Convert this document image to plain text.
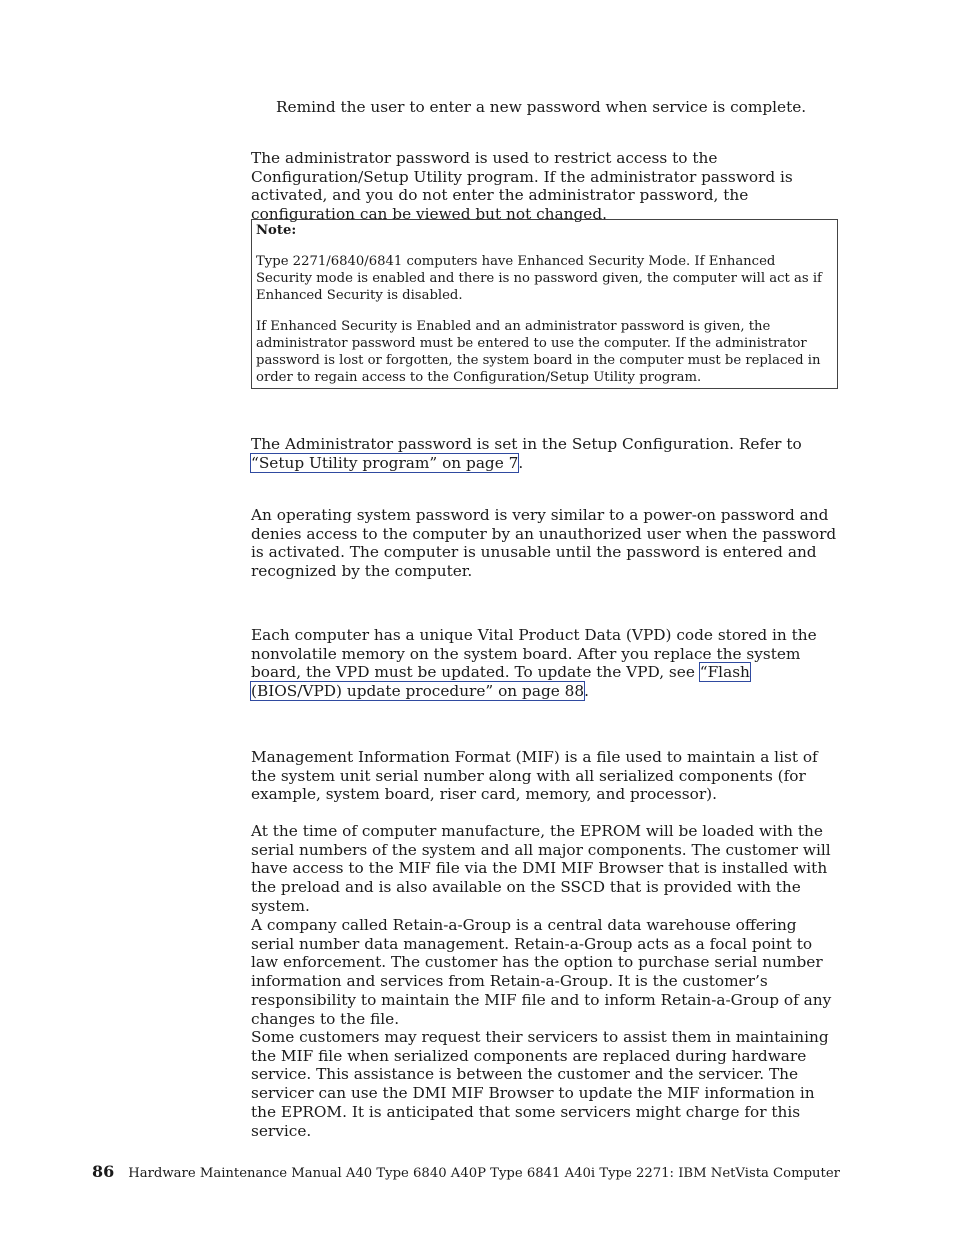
Remind the user to enter a new password when service is complete.
The administrator password is used to restrict access to the Configuration/Setup Utility program. If the administrator password is activated, and you do not enter the administrator password, the configuration can be viewed but not changed.
Note:
Type 2271/6840/6841 computers have Enhanced Security Mode. If Enhanced Security mode is enabled and there is no password given, the computer will act as if Enhanced Security is disabled.
If Enhanced Security is Enabled and an administrator password is given, the administrator password must be entered to use the computer. If the administrator password is lost or forgotten, the system board in the computer must be replaced in order to regain access to the Configuration/Setup Utility program.
The Administrator password is set in the Setup Configuration. Refer to “Setup Utility program” on page 7.
An operating system password is very similar to a power-on password and denies access to the computer by an unauthorized user when the password is activated. The computer is unusable until the password is entered and recognized by the computer.
Each computer has a unique Vital Product Data (VPD) code stored in the nonvolatile memory on the system board. After you replace the system board, the VPD must be updated. To update the VPD, see “Flash (BIOS/VPD) update procedure” on page 88.
Management Information Format (MIF) is a file used to maintain a list of the system unit serial number along with all serialized components (for example, system board, riser card, memory, and processor).
At the time of computer manufacture, the EPROM will be loaded with the serial numbers of the system and all major components. The customer will have access to the MIF file via the DMI MIF Browser that is installed with the preload and is also available on the SSCD that is provided with the system.
A company called Retain-a-Group is a central data warehouse offering serial number data management. Retain-a-Group acts as a focal point to law enforcement. The customer has the option to purchase serial number information and services from Retain-a-Group. It is the customer’s responsibility to maintain the MIF file and to inform Retain-a-Group of any changes to the file.
Some customers may request their servicers to assist them in maintaining the MIF file when serialized components are replaced during hardware service. This assistance is between the customer and the servicer. The servicer can use the DMI MIF Browser to update the MIF information in the EPROM. It is anticipated that some servicers might charge for this service.
86 Hardware Maintenance Manual A40 Type 6840 A40P Type 6841 A40i Type 2271: IBM NetVista Computer
